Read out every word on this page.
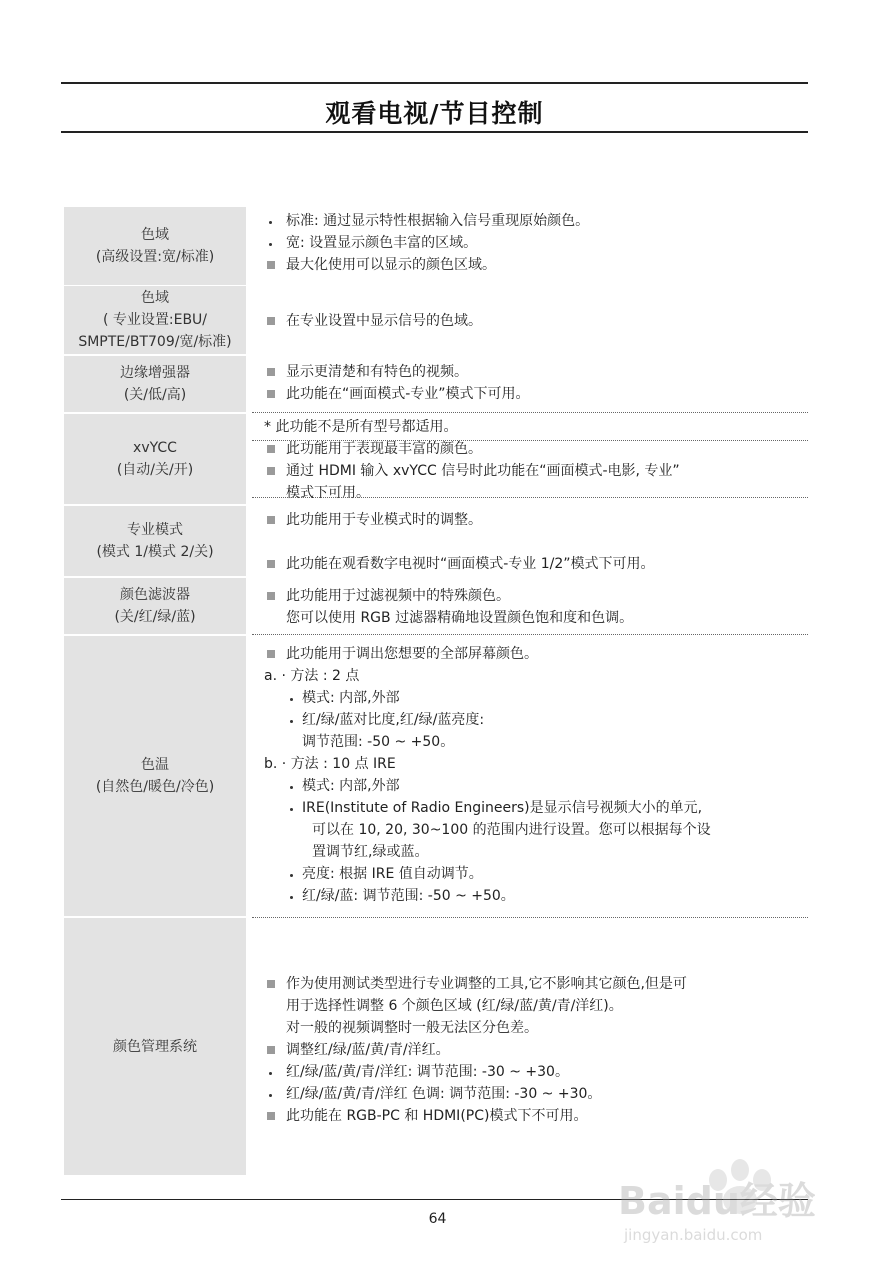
观看电视/节目控制
色域
(高级设置:宽/标准)
标准: 通过显示特性根据输入信号重现原始颜色。
宽: 设置显示颜色丰富的区域。
最大化使用可以显示的颜色区域。
色域
( 专业设置:EBU/
SMPTE/BT709/宽/标准)
在专业设置中显示信号的色域。
边缘增强器
(关/低/高)
显示更清楚和有特色的视频。
此功能在“画面模式-专业”模式下可用。
xvYCC
(自动/关/开)
* 此功能不是所有型号都适用。
此功能用于表现最丰富的颜色。
通过 HDMI 输入 xvYCC 信号时此功能在“画面模式-电影, 专业”
模式下可用。
专业模式
(模式 1/模式 2/关)
此功能用于专业模式时的调整。
此功能在观看数字电视时“画面模式-专业 1/2”模式下可用。
颜色滤波器
(关/红/绿/蓝)
此功能用于过滤视频中的特殊颜色。
您可以使用 RGB 过滤器精确地设置颜色饱和度和色调。
色温
(自然色/暖色/冷色)
此功能用于调出您想要的全部屏幕颜色。
a. · 方法 : 2 点
模式: 内部,外部
红/绿/蓝对比度,红/绿/蓝亮度:
调节范围: -50 ~ +50。
b. · 方法 : 10 点 IRE
模式: 内部,外部
IRE(Institute of Radio Engineers)是显示信号视频大小的单元,
可以在 10, 20, 30~100 的范围内进行设置。您可以根据每个设
置调节红,绿或蓝。
亮度: 根据 IRE 值自动调节。
红/绿/蓝: 调节范围: -50 ~ +50。
颜色管理系统
作为使用测试类型进行专业调整的工具,它不影响其它颜色,但是可
用于选择性调整 6 个颜色区域 (红/绿/蓝/黄/青/洋红)。
对一般的视频调整时一般无法区分色差。
调整红/绿/蓝/黄/青/洋红。
红/绿/蓝/黄/青/洋红: 调节范围: -30 ~ +30。
红/绿/蓝/黄/青/洋红 色调: 调节范围: -30 ~ +30。
此功能在 RGB-PC 和 HDMI(PC)模式下不可用。
64	Baidu经验
jingyan.baidu.com
